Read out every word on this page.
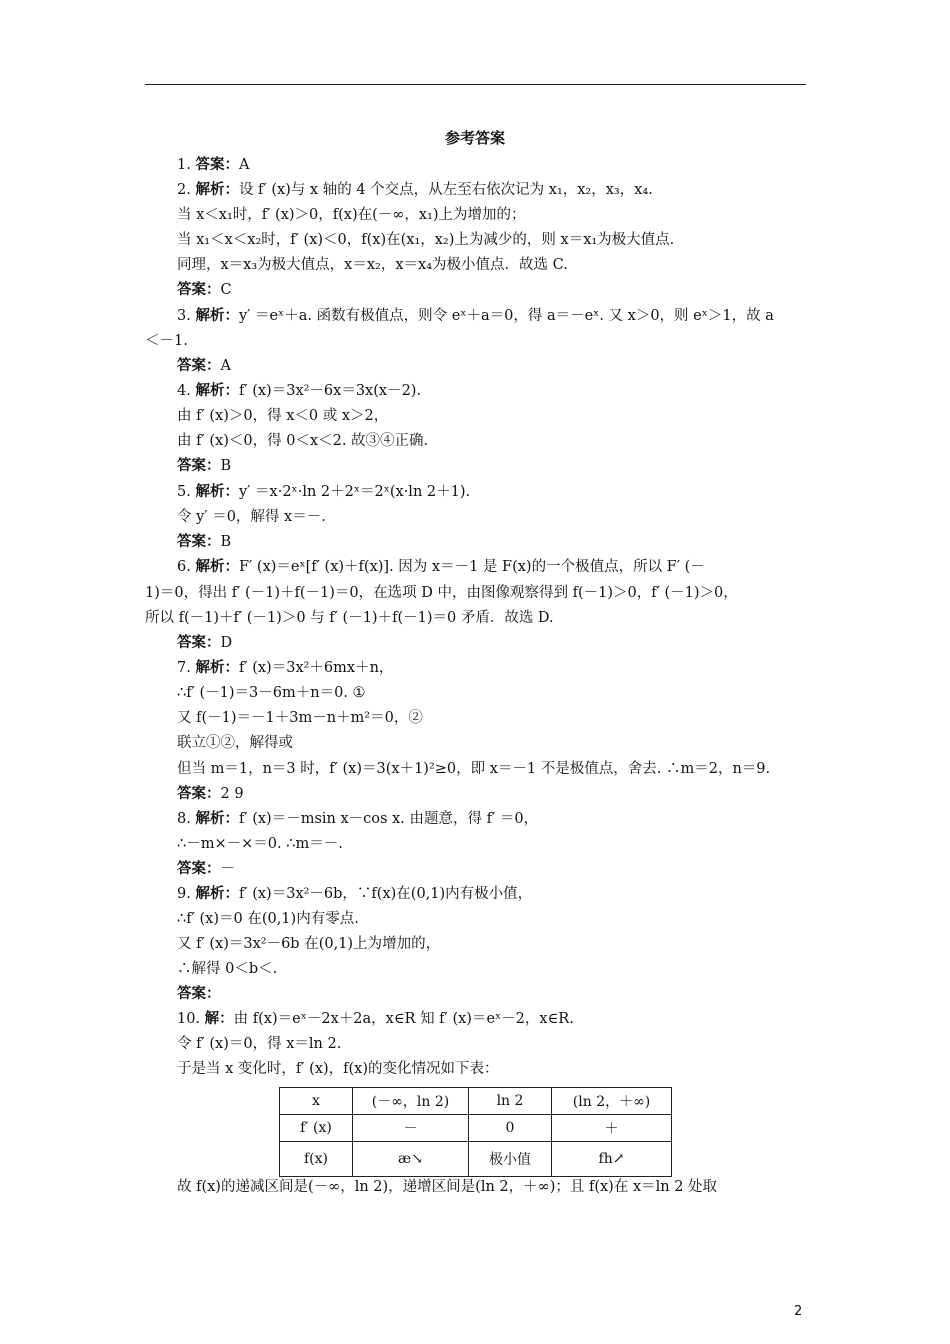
参考答案
1. 答案：A
2. 解析：设 f′ (x)与 x 轴的 4 个交点，从左至右依次记为 x₁，x₂，x₃，x₄.
当 x＜x₁时，f′ (x)＞0，f(x)在(－∞，x₁)上为增加的；
当 x₁＜x＜x₂时，f′ (x)＜0，f(x)在(x₁，x₂)上为减少的，则 x＝x₁为极大值点.
同理，x＝x₃为极大值点，x＝x₂，x＝x₄为极小值点．故选 C.
答案：C
3. 解析：y′ ＝eˣ＋a. 函数有极值点，则令 eˣ＋a＝0，得 a＝－eˣ. 又 x＞0，则 eˣ＞1，故 a
＜－1.
答案：A
4. 解析：f′ (x)＝3x²－6x＝3x(x－2).
由 f′ (x)＞0，得 x＜0 或 x＞2，
由 f′ (x)＜0，得 0＜x＜2. 故③④正确.
答案：B
5. 解析：y′ ＝x·2ˣ·ln 2＋2ˣ＝2ˣ(x·ln 2＋1).
令 y′ ＝0，解得 x＝－.
答案：B
6. 解析：F′ (x)＝eˣ[f′ (x)＋f(x)]. 因为 x＝－1 是 F(x)的一个极值点，所以 F′ (－
1)＝0，得出 f′ (－1)＋f(－1)＝0，在选项 D 中，由图像观察得到 f(－1)＞0，f′ (－1)＞0，
所以 f(－1)＋f′ (－1)＞0 与 f′ (－1)＋f(－1)＝0 矛盾．故选 D.
答案：D
7. 解析：f′ (x)＝3x²＋6mx＋n，
∴f′ (－1)＝3－6m＋n＝0. ①
又 f(－1)＝－1＋3m－n＋m²＝0，②
联立①②，解得或
但当 m＝1，n＝3 时，f′ (x)＝3(x＋1)²≥0，即 x＝－1 不是极值点，舍去. ∴m＝2，n＝9.
答案：2 9
8. 解析：f′ (x)＝－msin x－cos x. 由题意，得 f′ ＝0，
∴－m×－×＝0. ∴m＝－.
答案：－
9. 解析：f′ (x)＝3x²－6b，∵f(x)在(0,1)内有极小值，
∴f′ (x)＝0 在(0,1)内有零点.
又 f′ (x)＝3x²－6b 在(0,1)上为增加的，
∴解得 0＜b＜.
答案：
10. 解：由 f(x)＝eˣ－2x＋2a，x∈R 知 f′ (x)＝eˣ－2，x∈R.
令 f′ (x)＝0，得 x＝ln 2.
于是当 x 变化时，f′ (x)，f(x)的变化情况如下表：
x	(－∞，ln 2)	ln 2	(ln 2，＋∞)
f′ (x)	－	0	＋
f(x)	æ↘	极小值	fh↗
故 f(x)的递减区间是(－∞，ln 2)，递增区间是(ln 2，＋∞)；且 f(x)在 x＝ln 2 处取
2
